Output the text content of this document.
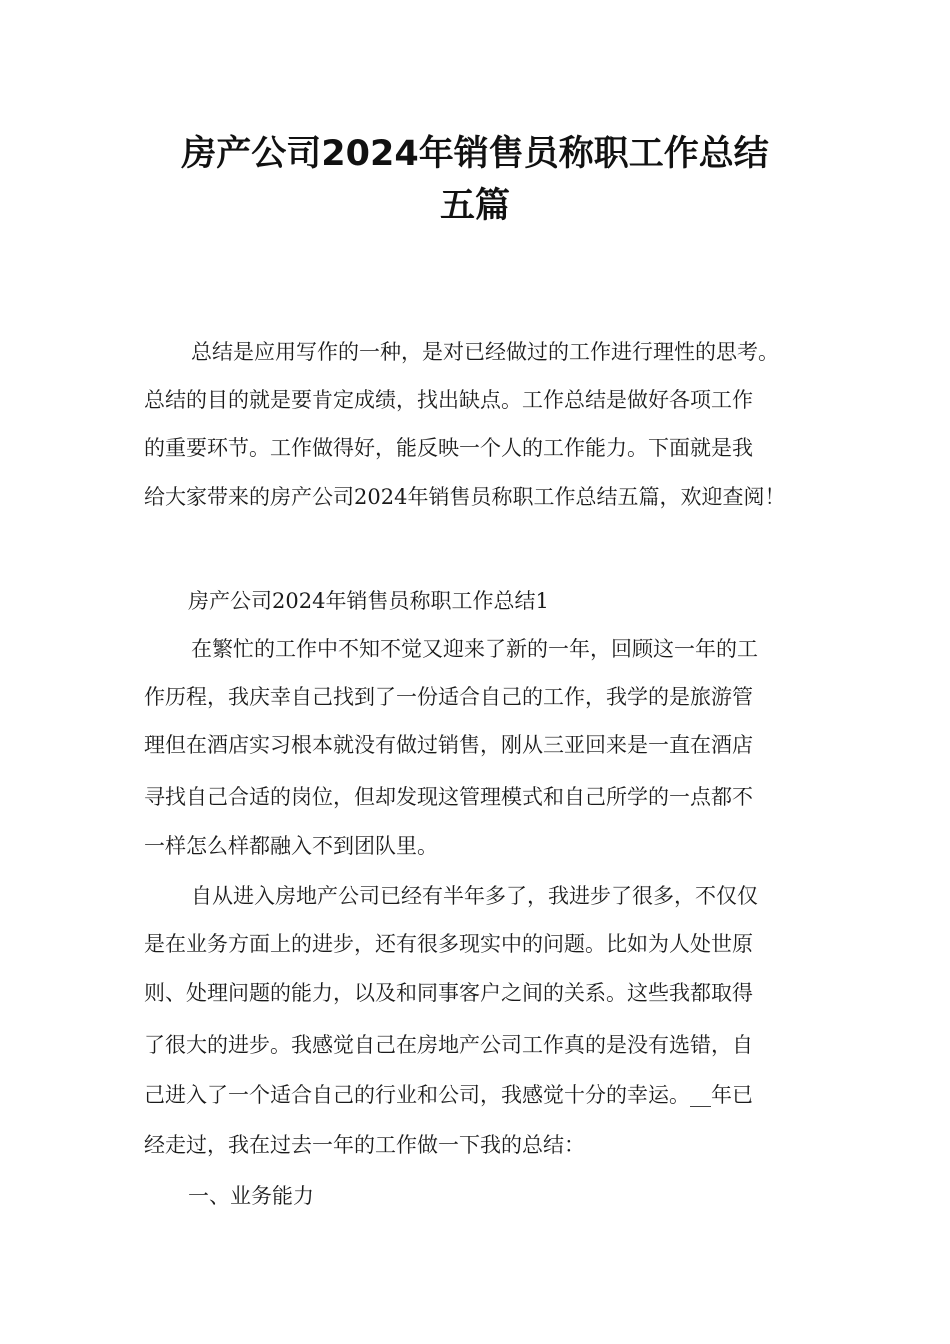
房产公司2024年销售员称职工作总结
五篇
总结是应用写作的一种，是对已经做过的工作进行理性的思考。
总结的目的就是要肯定成绩，找出缺点。工作总结是做好各项工作
的重要环节。工作做得好，能反映一个人的工作能力。下面就是我
给大家带来的房产公司2024年销售员称职工作总结五篇，欢迎查阅！
房产公司2024年销售员称职工作总结1
在繁忙的工作中不知不觉又迎来了新的一年，回顾这一年的工
作历程，我庆幸自己找到了一份适合自己的工作，我学的是旅游管
理但在酒店实习根本就没有做过销售，刚从三亚回来是一直在酒店
寻找自己合适的岗位，但却发现这管理模式和自己所学的一点都不
一样怎么样都融入不到团队里。
自从进入房地产公司已经有半年多了，我进步了很多，不仅仅
是在业务方面上的进步，还有很多现实中的问题。比如为人处世原
则、处理问题的能力，以及和同事客户之间的关系。这些我都取得
了很大的进步。我感觉自己在房地产公司工作真的是没有选错，自
己进入了一个适合自己的行业和公司，我感觉十分的幸运。__年已
经走过，我在过去一年的工作做一下我的总结：
一、业务能力
